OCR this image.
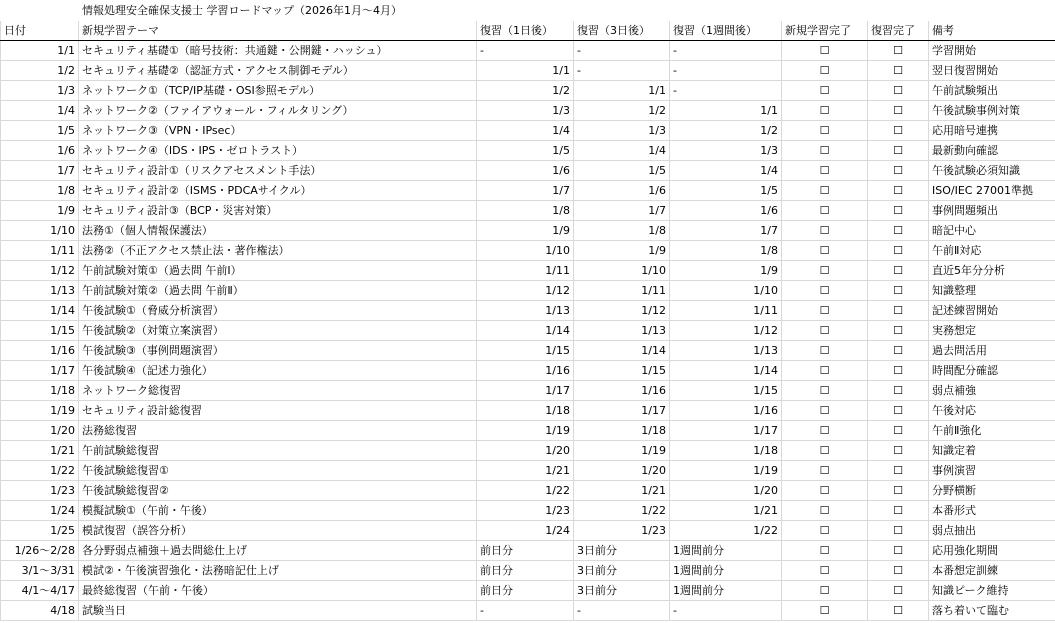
	情報処理安全確保支援士 学習ロードマップ（2026年1月〜4月）						
日付	新規学習テーマ	復習（1日後）	復習（3日後）	復習（1週間後）	新規学習完了	復習完了	備考
1/1	セキュリティ基礎①（暗号技術：共通鍵・公開鍵・ハッシュ）	-	-	-	☐	☐	学習開始
1/2	セキュリティ基礎②（認証方式・アクセス制御モデル）	1/1	-	-	☐	☐	翌日復習開始
1/3	ネットワーク①（TCP/IP基礎・OSI参照モデル）	1/2	1/1	-	☐	☐	午前試験頻出
1/4	ネットワーク②（ファイアウォール・フィルタリング）	1/3	1/2	1/1	☐	☐	午後試験事例対策
1/5	ネットワーク③（VPN・IPsec）	1/4	1/3	1/2	☐	☐	応用暗号連携
1/6	ネットワーク④（IDS・IPS・ゼロトラスト）	1/5	1/4	1/3	☐	☐	最新動向確認
1/7	セキュリティ設計①（リスクアセスメント手法）	1/6	1/5	1/4	☐	☐	午後試験必須知識
1/8	セキュリティ設計②（ISMS・PDCAサイクル）	1/7	1/6	1/5	☐	☐	ISO/IEC 27001準拠
1/9	セキュリティ設計③（BCP・災害対策）	1/8	1/7	1/6	☐	☐	事例問題頻出
1/10	法務①（個人情報保護法）	1/9	1/8	1/7	☐	☐	暗記中心
1/11	法務②（不正アクセス禁止法・著作権法）	1/10	1/9	1/8	☐	☐	午前Ⅱ対応
1/12	午前試験対策①（過去問 午前Ⅰ）	1/11	1/10	1/9	☐	☐	直近5年分分析
1/13	午前試験対策②（過去問 午前Ⅱ）	1/12	1/11	1/10	☐	☐	知識整理
1/14	午後試験①（脅威分析演習）	1/13	1/12	1/11	☐	☐	記述練習開始
1/15	午後試験②（対策立案演習）	1/14	1/13	1/12	☐	☐	実務想定
1/16	午後試験③（事例問題演習）	1/15	1/14	1/13	☐	☐	過去問活用
1/17	午後試験④（記述力強化）	1/16	1/15	1/14	☐	☐	時間配分確認
1/18	ネットワーク総復習	1/17	1/16	1/15	☐	☐	弱点補強
1/19	セキュリティ設計総復習	1/18	1/17	1/16	☐	☐	午後対応
1/20	法務総復習	1/19	1/18	1/17	☐	☐	午前Ⅱ強化
1/21	午前試験総復習	1/20	1/19	1/18	☐	☐	知識定着
1/22	午後試験総復習①	1/21	1/20	1/19	☐	☐	事例演習
1/23	午後試験総復習②	1/22	1/21	1/20	☐	☐	分野横断
1/24	模擬試験①（午前・午後）	1/23	1/22	1/21	☐	☐	本番形式
1/25	模試復習（誤答分析）	1/24	1/23	1/22	☐	☐	弱点抽出
1/26〜2/28	各分野弱点補強＋過去問総仕上げ	前日分	3日前分	1週間前分	☐	☐	応用強化期間
3/1〜3/31	模試②・午後演習強化・法務暗記仕上げ	前日分	3日前分	1週間前分	☐	☐	本番想定訓練
4/1〜4/17	最終総復習（午前・午後）	前日分	3日前分	1週間前分	☐	☐	知識ピーク維持
4/18	試験当日	-	-	-	☐	☐	落ち着いて臨む
